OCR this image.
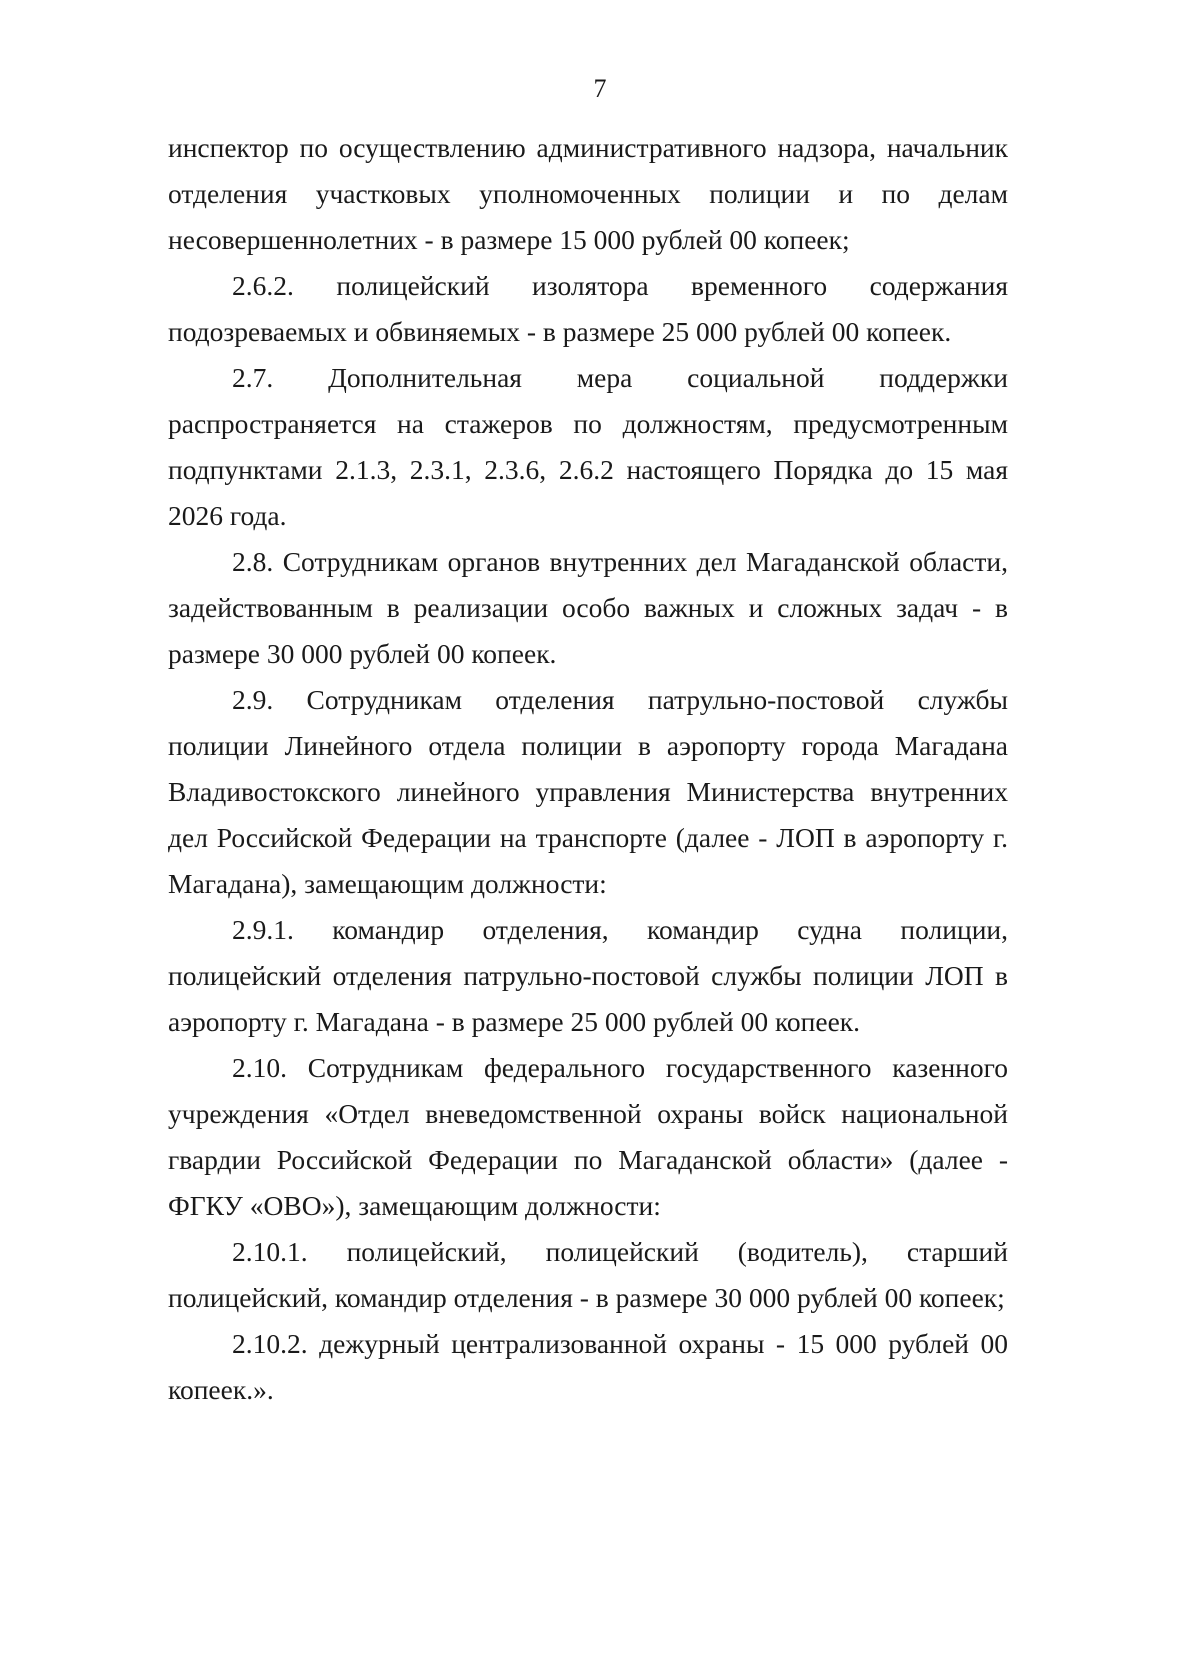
7

инспектор по осуществлению административного надзора, начальник отделения участковых уполномоченных полиции и по делам несовершеннолетних - в размере 15 000 рублей 00 копеек;

2.6.2. полицейский изолятора временного содержания подозреваемых и обвиняемых - в размере 25 000 рублей 00 копеек.

2.7. Дополнительная мера социальной поддержки распространяется на стажеров по должностям, предусмотренным подпунктами 2.1.3, 2.3.1, 2.3.6, 2.6.2 настоящего Порядка до 15 мая 2026 года.

2.8. Сотрудникам органов внутренних дел Магаданской области, задействованным в реализации особо важных и сложных задач - в размере 30 000 рублей 00 копеек.

2.9. Сотрудникам отделения патрульно-постовой службы полиции Линейного отдела полиции в аэропорту города Магадана Владивостокского линейного управления Министерства внутренних дел Российской Федерации на транспорте (далее - ЛОП в аэропорту г. Магадана), замещающим должности:

2.9.1. командир отделения, командир судна полиции, полицейский отделения патрульно-постовой службы полиции ЛОП в аэропорту г. Магадана - в размере 25 000 рублей 00 копеек.

2.10. Сотрудникам федерального государственного казенного учреждения «Отдел вневедомственной охраны войск национальной гвардии Российской Федерации по Магаданской области» (далее - ФГКУ «ОВО»), замещающим должности:

2.10.1. полицейский, полицейский (водитель), старший полицейский, командир отделения - в размере 30 000 рублей 00 копеек;

2.10.2. дежурный централизованной охраны - 15 000 рублей 00 копеек.».
